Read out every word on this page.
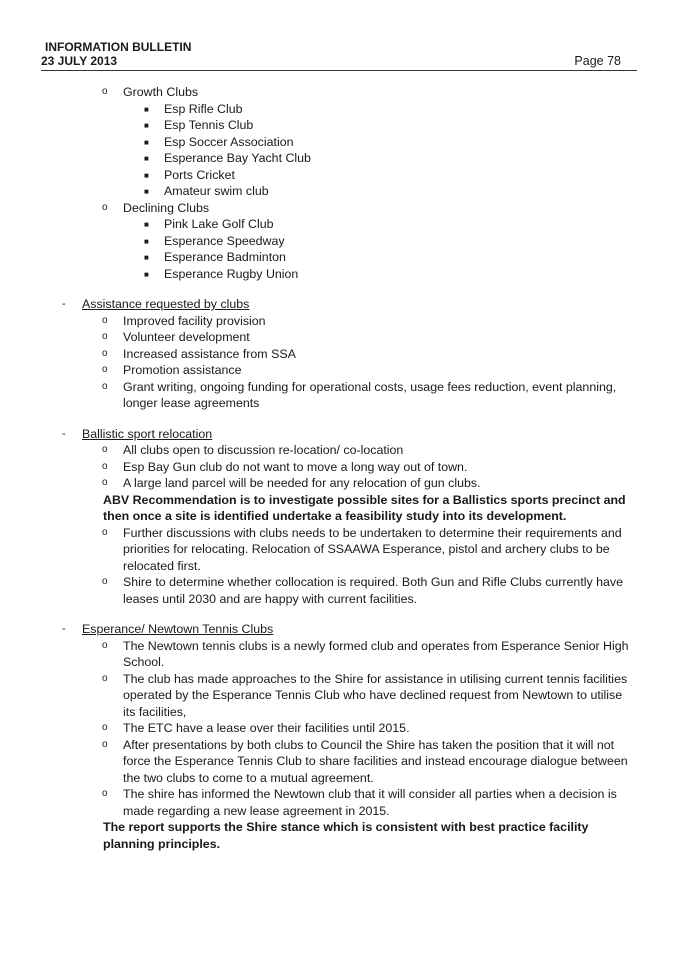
INFORMATION BULLETIN
23 JULY 2013	Page 78
o Growth Clubs
■ Esp Rifle Club
■ Esp Tennis Club
■ Esp Soccer Association
■ Esperance Bay Yacht Club
■ Ports Cricket
■ Amateur swim club
o Declining Clubs
■ Pink Lake Golf Club
■ Esperance Speedway
■ Esperance Badminton
■ Esperance Rugby Union
- Assistance requested by clubs
o Improved facility provision
o Volunteer development
o Increased assistance from SSA
o Promotion assistance
o Grant writing, ongoing funding for operational costs, usage fees reduction, event planning, longer lease agreements
- Ballistic sport relocation
o All clubs open to discussion re-location/ co-location
o Esp Bay Gun club do not want to move a long way out of town.
o A large land parcel will be needed for any relocation of gun clubs.
ABV Recommendation is to investigate possible sites for a Ballistics sports precinct and then once a site is identified undertake a feasibility study into its development.
o Further discussions with clubs needs to be undertaken to determine their requirements and priorities for relocating. Relocation of SSAAWA Esperance, pistol and archery clubs to be relocated first.
o Shire to determine whether collocation is required. Both Gun and Rifle Clubs currently have leases until 2030 and are happy with current facilities.
- Esperance/ Newtown Tennis Clubs
o The Newtown tennis clubs is a newly formed club and operates from Esperance Senior High School.
o The club has made approaches to the Shire for assistance in utilising current tennis facilities operated by the Esperance Tennis Club who have declined request from Newtown to utilise its facilities,
o The ETC have a lease over their facilities until 2015.
o After presentations by both clubs to Council the Shire has taken the position that it will not force the Esperance Tennis Club to share facilities and instead encourage dialogue between the two clubs to come to a mutual agreement.
o The shire has informed the Newtown club that it will consider all parties when a decision is made regarding a new lease agreement in 2015.
The report supports the Shire stance which is consistent with best practice facility planning principles.
